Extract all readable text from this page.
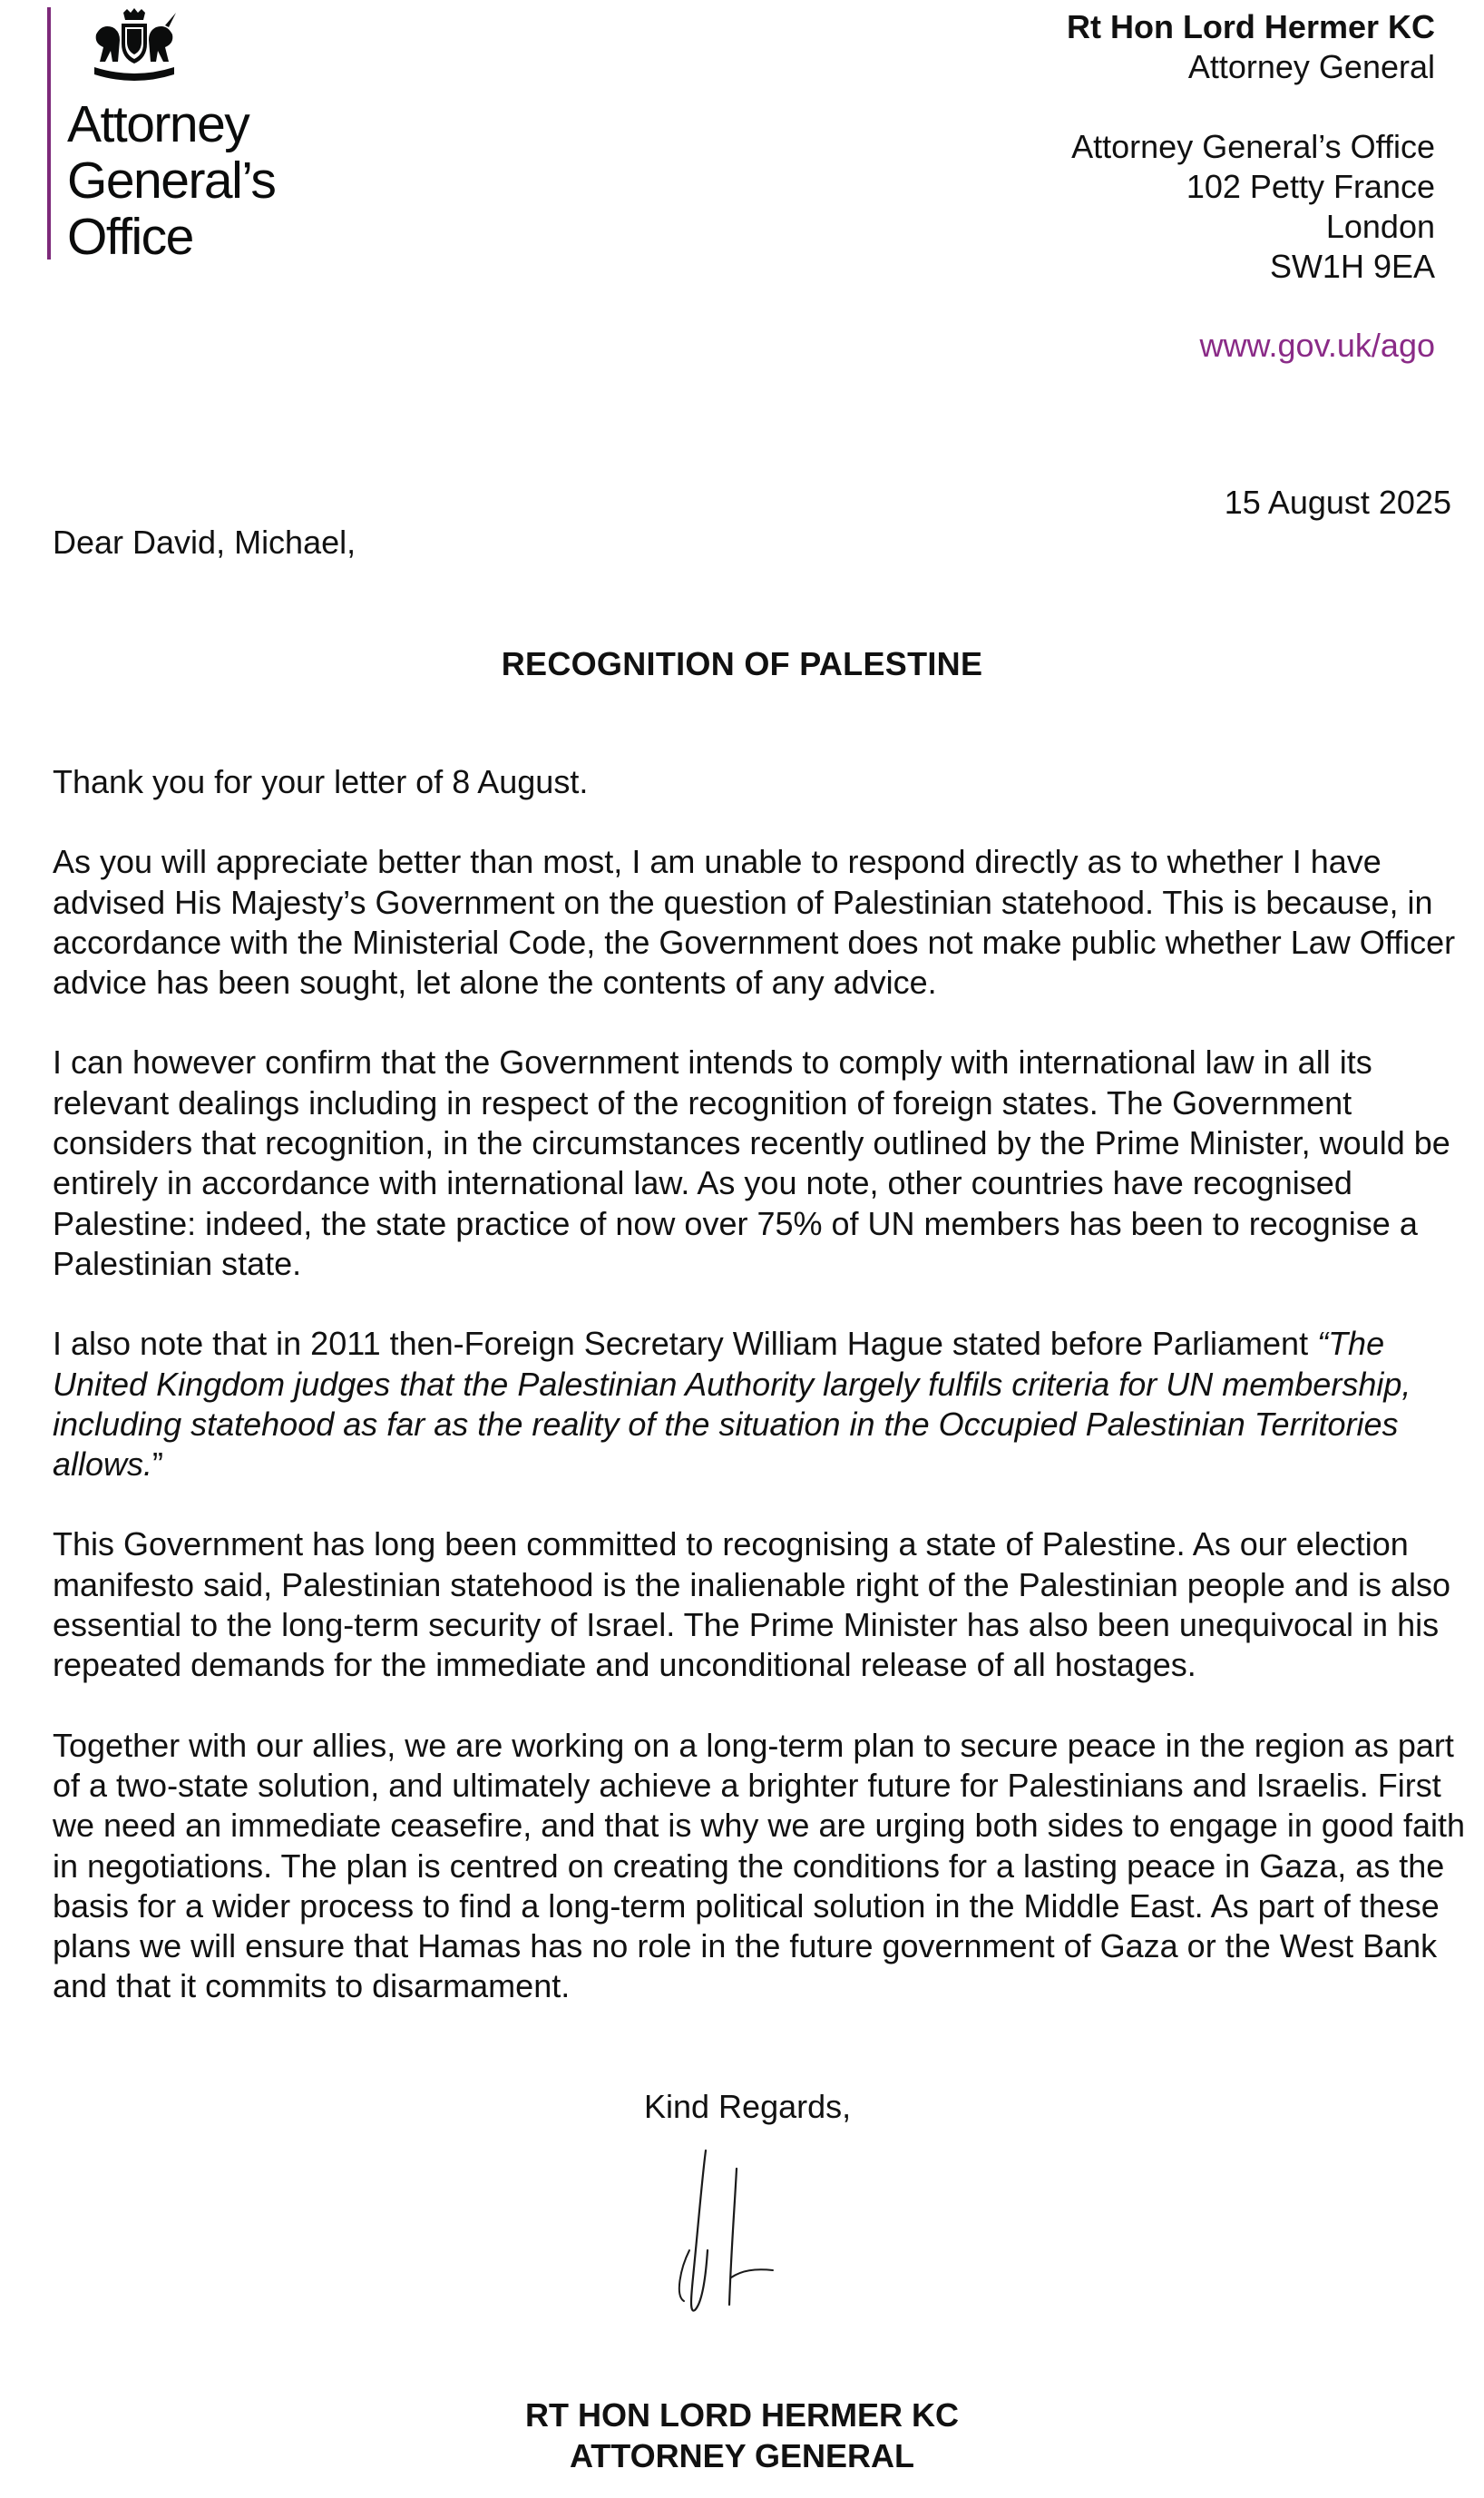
Attorney
General’s
Office
Rt Hon Lord Hermer KC
Attorney General
Attorney General’s Office
102 Petty France
London
SW1H 9EA
www.gov.uk/ago
15 August 2025
Dear David, Michael,
RECOGNITION OF PALESTINE

Thank you for your letter of 8 August.

As you will appreciate better than most, I am unable to respond directly as to whether I have advised His Majesty’s Government on the question of Palestinian statehood. This is because, in accordance with the Ministerial Code, the Government does not make public whether Law Officer advice has been sought, let alone the contents of any advice.

I can however confirm that the Government intends to comply with international law in all its relevant dealings including in respect of the recognition of foreign states. The Government considers that recognition, in the circumstances recently outlined by the Prime Minister, would be entirely in accordance with international law. As you note, other countries have recognised Palestine: indeed, the state practice of now over 75% of UN members has been to recognise a Palestinian state.

I also note that in 2011 then-Foreign Secretary William Hague stated before Parliament “The United Kingdom judges that the Palestinian Authority largely fulfils criteria for UN membership, including statehood as far as the reality of the situation in the Occupied Palestinian Territories allows.”

This Government has long been committed to recognising a state of Palestine. As our election manifesto said, Palestinian statehood is the inalienable right of the Palestinian people and is also essential to the long-term security of Israel. The Prime Minister has also been unequivocal in his repeated demands for the immediate and unconditional release of all hostages.

Together with our allies, we are working on a long-term plan to secure peace in the region as part of a two-state solution, and ultimately achieve a brighter future for Palestinians and Israelis. First we need an immediate ceasefire, and that is why we are urging both sides to engage in good faith in negotiations. The plan is centred on creating the conditions for a lasting peace in Gaza, as the basis for a wider process to find a long-term political solution in the Middle East. As part of these plans we will ensure that Hamas has no role in the future government of Gaza or the West Bank and that it commits to disarmament.

Kind Regards,
RT HON LORD HERMER KC
ATTORNEY GENERAL
